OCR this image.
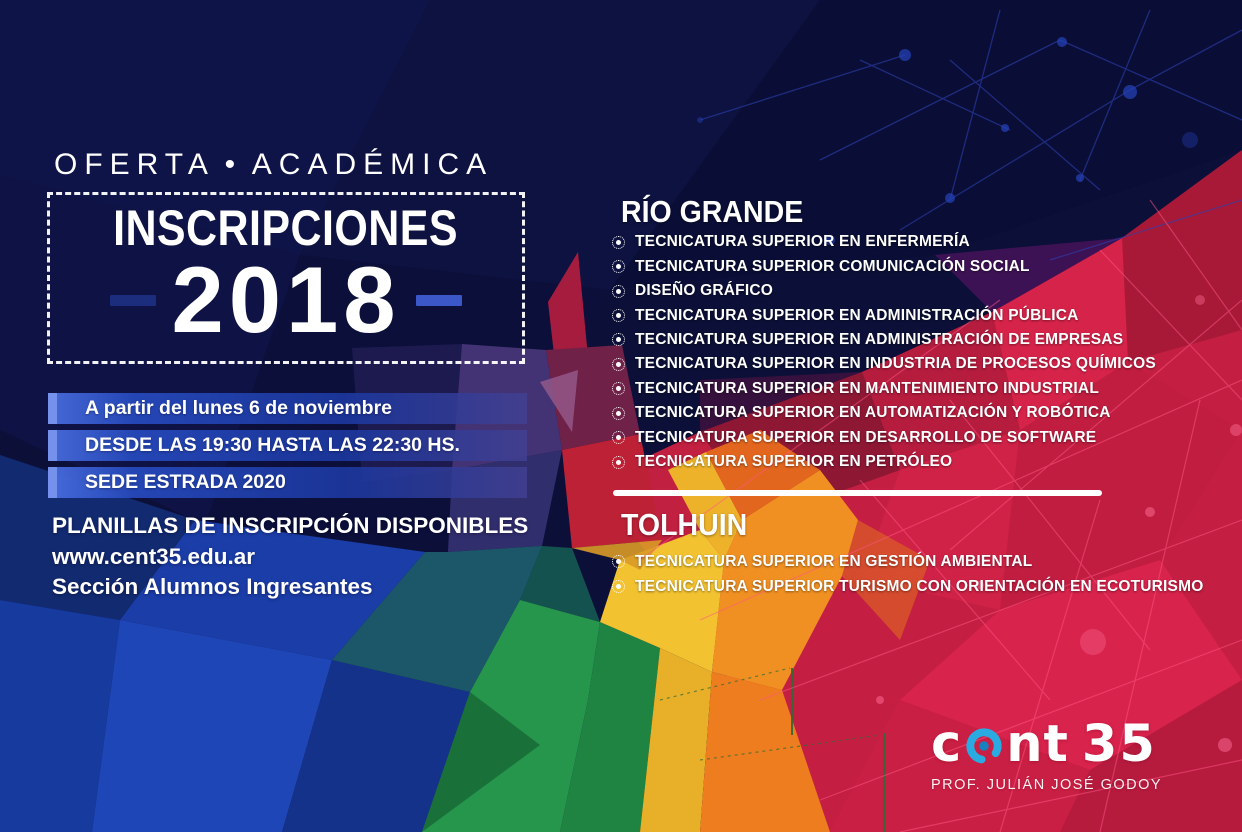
OFERTA • ACADÉMICA
INSCRIPCIONES
2018
A partir del lunes 6 de noviembre
DESDE LAS 19:30 HASTA LAS 22:30 HS.
SEDE ESTRADA 2020
PLANILLAS DE INSCRIPCIÓN DISPONIBLES
www.cent35.edu.ar
Sección Alumnos Ingresantes
RÍO GRANDE
TECNICATURA SUPERIOR EN ENFERMERÍA
TECNICATURA SUPERIOR COMUNICACIÓN SOCIAL
DISEÑO GRÁFICO
TECNICATURA SUPERIOR EN ADMINISTRACIÓN PÚBLICA
TECNICATURA SUPERIOR EN ADMINISTRACIÓN DE EMPRESAS
TECNICATURA SUPERIOR EN INDUSTRIA DE PROCESOS QUÍMICOS
TECNICATURA SUPERIOR EN MANTENIMIENTO INDUSTRIAL
TECNICATURA SUPERIOR EN AUTOMATIZACIÓN Y ROBÓTICA
TECNICATURA SUPERIOR EN DESARROLLO DE SOFTWARE
TECNICATURA SUPERIOR EN PETRÓLEO
TOLHUIN
TECNICATURA SUPERIOR EN GESTIÓN AMBIENTAL
TECNICATURA SUPERIOR TURISMO CON ORIENTACIÓN EN ECOTURISMO
c nt 35
PROF. JULIÁN JOSÉ GODOY
